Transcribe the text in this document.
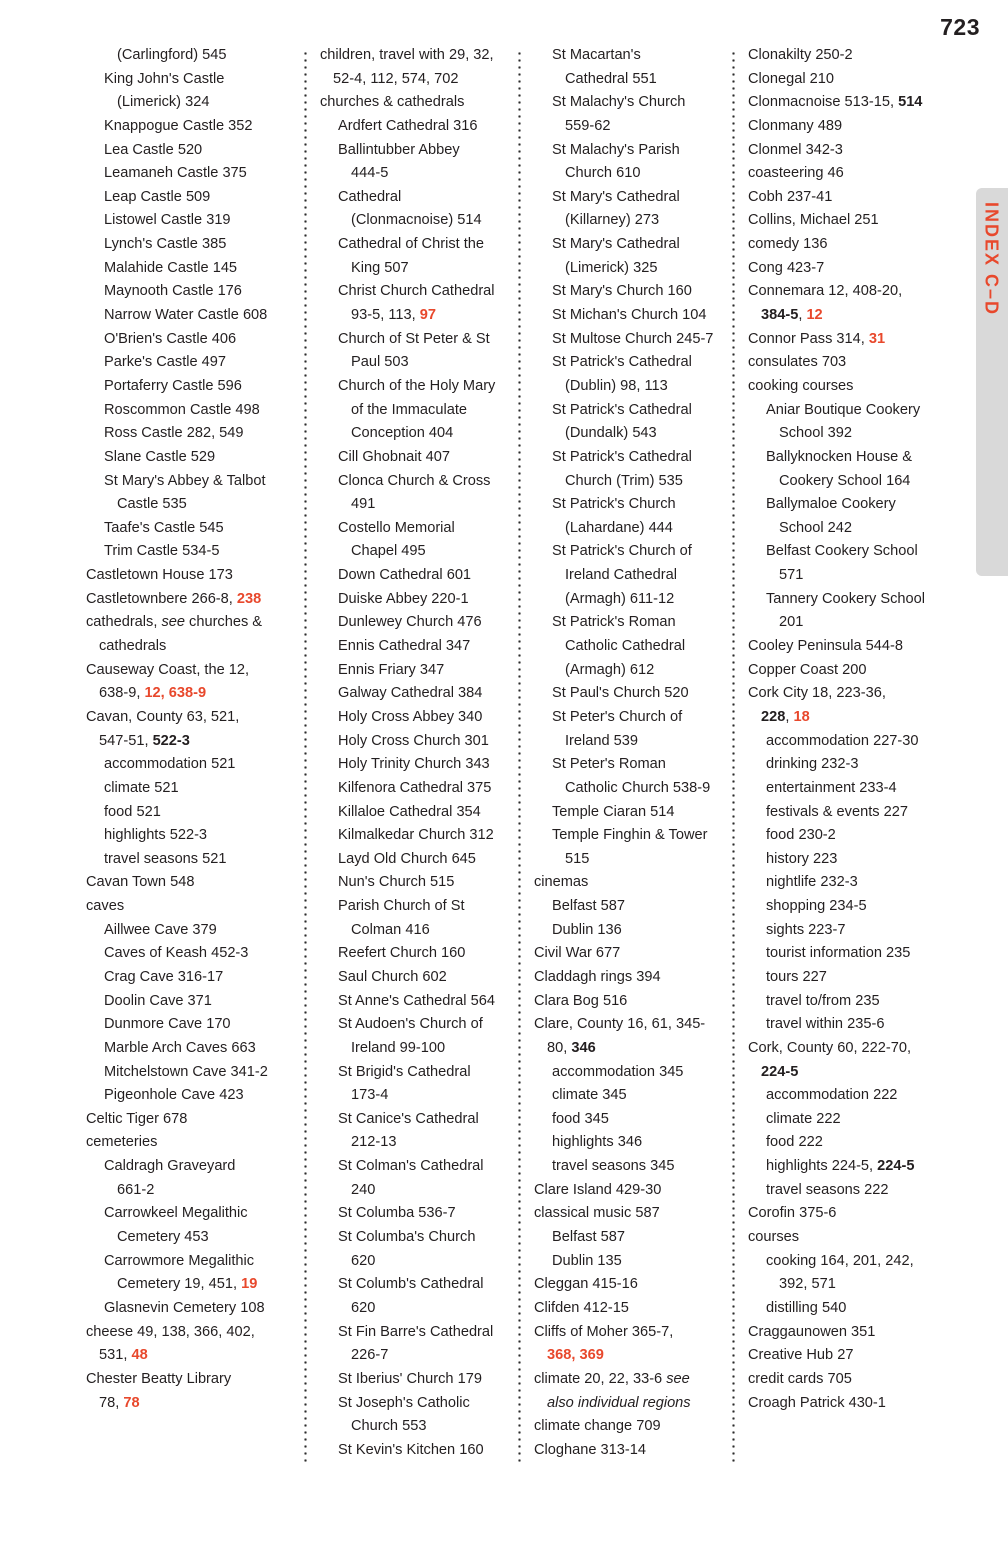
723
INDEX C–D
(Carlingford) 545
King John's Castle
(Limerick) 324
Knappogue Castle 352
Lea Castle 520
Leamaneh Castle 375
Leap Castle 509
Listowel Castle 319
Lynch's Castle 385
Malahide Castle 145
Maynooth Castle 176
Narrow Water Castle 608
O'Brien's Castle 406
Parke's Castle 497
Portaferry Castle 596
Roscommon Castle 498
Ross Castle 282, 549
Slane Castle 529
St Mary's Abbey & Talbot
Castle 535
Taafe's Castle 545
Trim Castle 534-5
Castletown House 173
Castletownbere 266-8, 238
cathedrals, see churches &
cathedrals
Causeway Coast, the 12,
638-9, 12, 638-9
Cavan, County 63, 521,
547-51, 522-3
accommodation 521
climate 521
food 521
highlights 522-3
travel seasons 521
Cavan Town 548
caves
Aillwee Cave 379
Caves of Keash 452-3
Crag Cave 316-17
Doolin Cave 371
Dunmore Cave 170
Marble Arch Caves 663
Mitchelstown Cave 341-2
Pigeonhole Cave 423
Celtic Tiger 678
cemeteries
Caldragh Graveyard
661-2
Carrowkeel Megalithic
Cemetery 453
Carrowmore Megalithic
Cemetery 19, 451, 19
Glasnevin Cemetery 108
cheese 49, 138, 366, 402,
531, 48
Chester Beatty Library
78, 78
children, travel with 29, 32,
52-4, 112, 574, 702
churches & cathedrals
Ardfert Cathedral 316
Ballintubber Abbey
444-5
Cathedral
(Clonmacnoise) 514
Cathedral of Christ the
King 507
Christ Church Cathedral
93-5, 113, 97
Church of St Peter & St
Paul 503
Church of the Holy Mary
of the Immaculate
Conception 404
Cill Ghobnait 407
Clonca Church & Cross
491
Costello Memorial
Chapel 495
Down Cathedral 601
Duiske Abbey 220-1
Dunlewey Church 476
Ennis Cathedral 347
Ennis Friary 347
Galway Cathedral 384
Holy Cross Abbey 340
Holy Cross Church 301
Holy Trinity Church 343
Kilfenora Cathedral 375
Killaloe Cathedral 354
Kilmalkedar Church 312
Layd Old Church 645
Nun's Church 515
Parish Church of St
Colman 416
Reefert Church 160
Saul Church 602
St Anne's Cathedral 564
St Audoen's Church of
Ireland 99-100
St Brigid's Cathedral
173-4
St Canice's Cathedral
212-13
St Colman's Cathedral
240
St Columba 536-7
St Columba's Church
620
St Columb's Cathedral
620
St Fin Barre's Cathedral
226-7
St Iberius' Church 179
St Joseph's Catholic
Church 553
St Kevin's Kitchen 160
St Macartan's
Cathedral 551
St Malachy's Church
559-62
St Malachy's Parish
Church 610
St Mary's Cathedral
(Killarney) 273
St Mary's Cathedral
(Limerick) 325
St Mary's Church 160
St Michan's Church 104
St Multose Church 245-7
St Patrick's Cathedral
(Dublin) 98, 113
St Patrick's Cathedral
(Dundalk) 543
St Patrick's Cathedral
Church (Trim) 535
St Patrick's Church
(Lahardane) 444
St Patrick's Church of
Ireland Cathedral
(Armagh) 611-12
St Patrick's Roman
Catholic Cathedral
(Armagh) 612
St Paul's Church 520
St Peter's Church of
Ireland 539
St Peter's Roman
Catholic Church 538-9
Temple Ciaran 514
Temple Finghin & Tower
515
cinemas
Belfast 587
Dublin 136
Civil War 677
Claddagh rings 394
Clara Bog 516
Clare, County 16, 61, 345-
80, 346
accommodation 345
climate 345
food 345
highlights 346
travel seasons 345
Clare Island 429-30
classical music 587
Belfast 587
Dublin 135
Cleggan 415-16
Clifden 412-15
Cliffs of Moher 365-7,
368, 369
climate 20, 22, 33-6 see
also individual regions
climate change 709
Cloghane 313-14
Clonakilty 250-2
Clonegal 210
Clonmacnoise 513-15, 514
Clonmany 489
Clonmel 342-3
coasteering 46
Cobh 237-41
Collins, Michael 251
comedy 136
Cong 423-7
Connemara 12, 408-20,
384-5, 12
Connor Pass 314, 31
consulates 703
cooking courses
Aniar Boutique Cookery
School 392
Ballyknocken House &
Cookery School 164
Ballymaloe Cookery
School 242
Belfast Cookery School
571
Tannery Cookery School
201
Cooley Peninsula 544-8
Copper Coast 200
Cork City 18, 223-36,
228, 18
accommodation 227-30
drinking 232-3
entertainment 233-4
festivals & events 227
food 230-2
history 223
nightlife 232-3
shopping 234-5
sights 223-7
tourist information 235
tours 227
travel to/from 235
travel within 235-6
Cork, County 60, 222-70,
224-5
accommodation 222
climate 222
food 222
highlights 224-5, 224-5
travel seasons 222
Corofin 375-6
courses
cooking 164, 201, 242,
392, 571
distilling 540
Craggaunowen 351
Creative Hub 27
credit cards 705
Croagh Patrick 430-1
